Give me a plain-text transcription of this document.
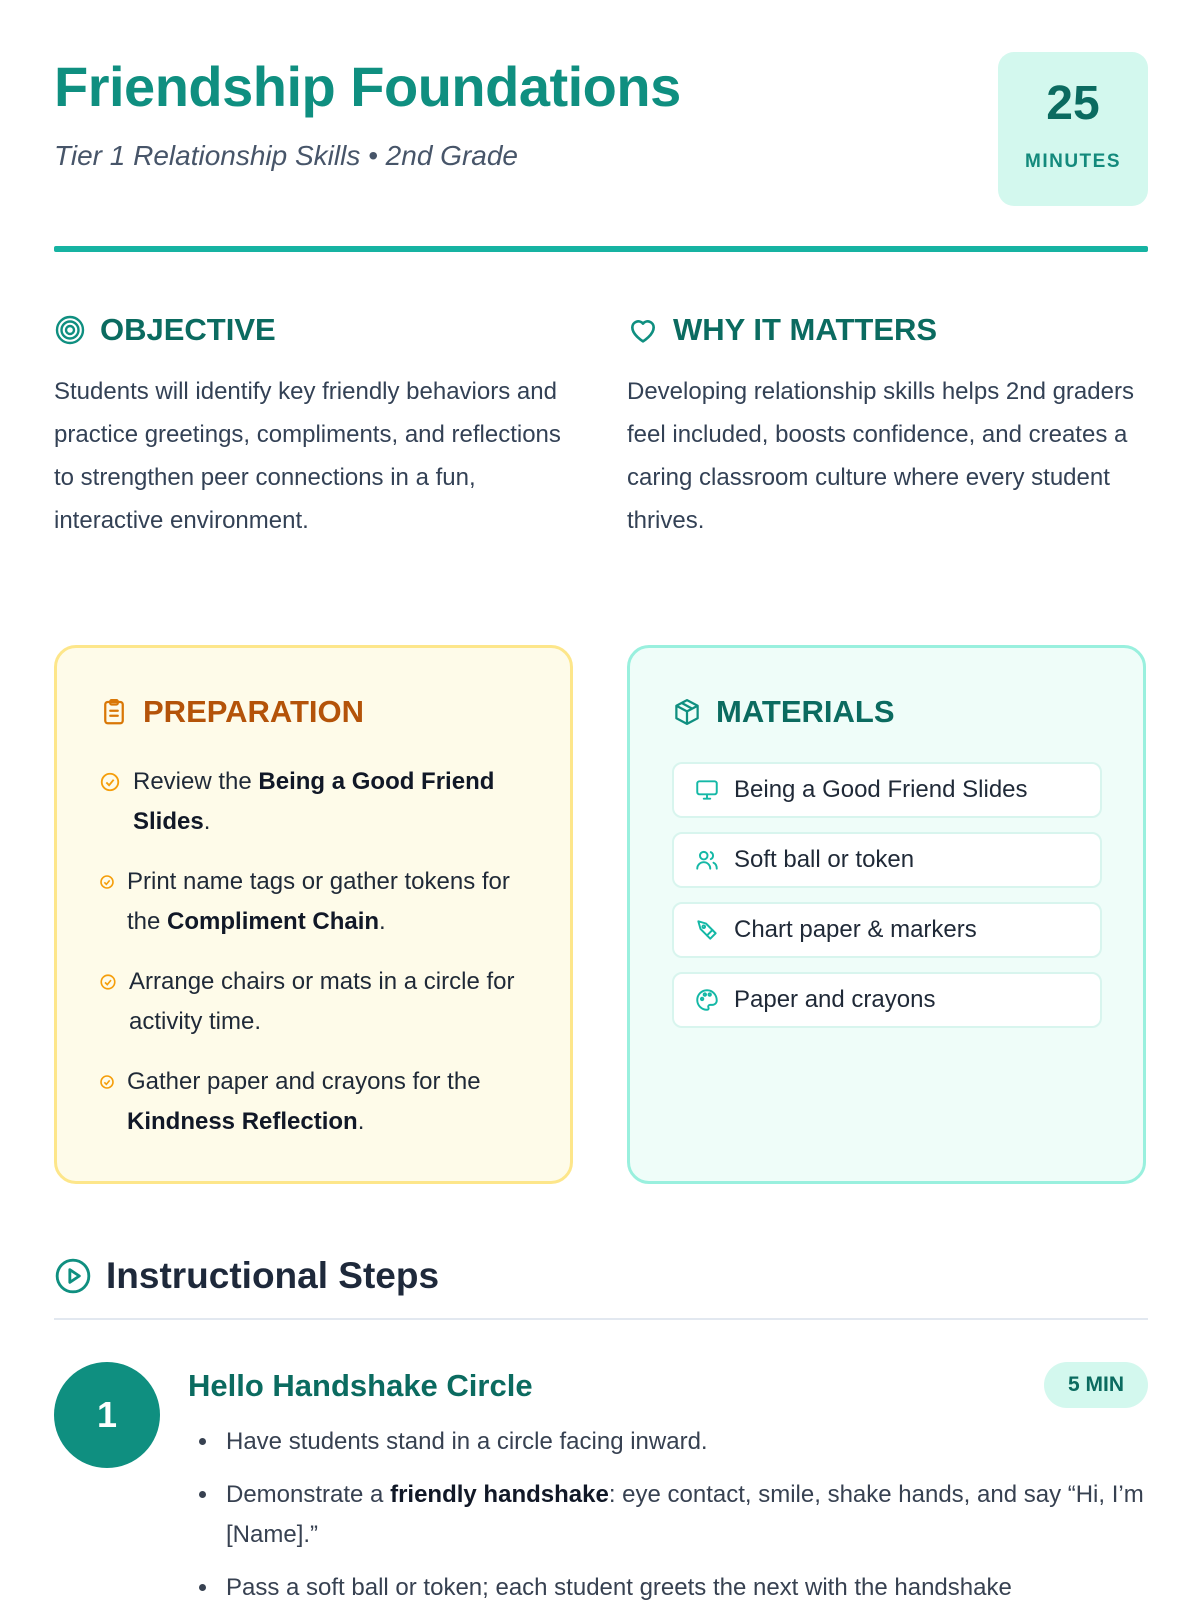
Friendship Foundations
Tier 1 Relationship Skills • 2nd Grade
25
MINUTES
OBJECTIVE

Students will identify key friendly behaviors and practice greetings, compliments, and reflections to strengthen peer connections in a fun, interactive environment.

WHY IT MATTERS

Developing relationship skills helps 2nd graders feel included, boosts confidence, and creates a caring classroom culture where every student thrives.

PREPARATION
Review the Being a Good Friend Slides.
Print name tags or gather tokens for the Compliment Chain.
Arrange chairs or mats in a circle for activity time.
Gather paper and crayons for the Kindness Reflection.
MATERIALS
Being a Good Friend Slides
Soft ball or token
Chart paper & markers
Paper and crayons
Instructional Steps
1
Hello Handshake Circle	5 MIN
• Have students stand in a circle facing inward.
• Demonstrate a friendly handshake: eye contact, smile, shake hands, and say “Hi, I’m [Name].”
• Pass a soft ball or token; each student greets the next with the handshake
